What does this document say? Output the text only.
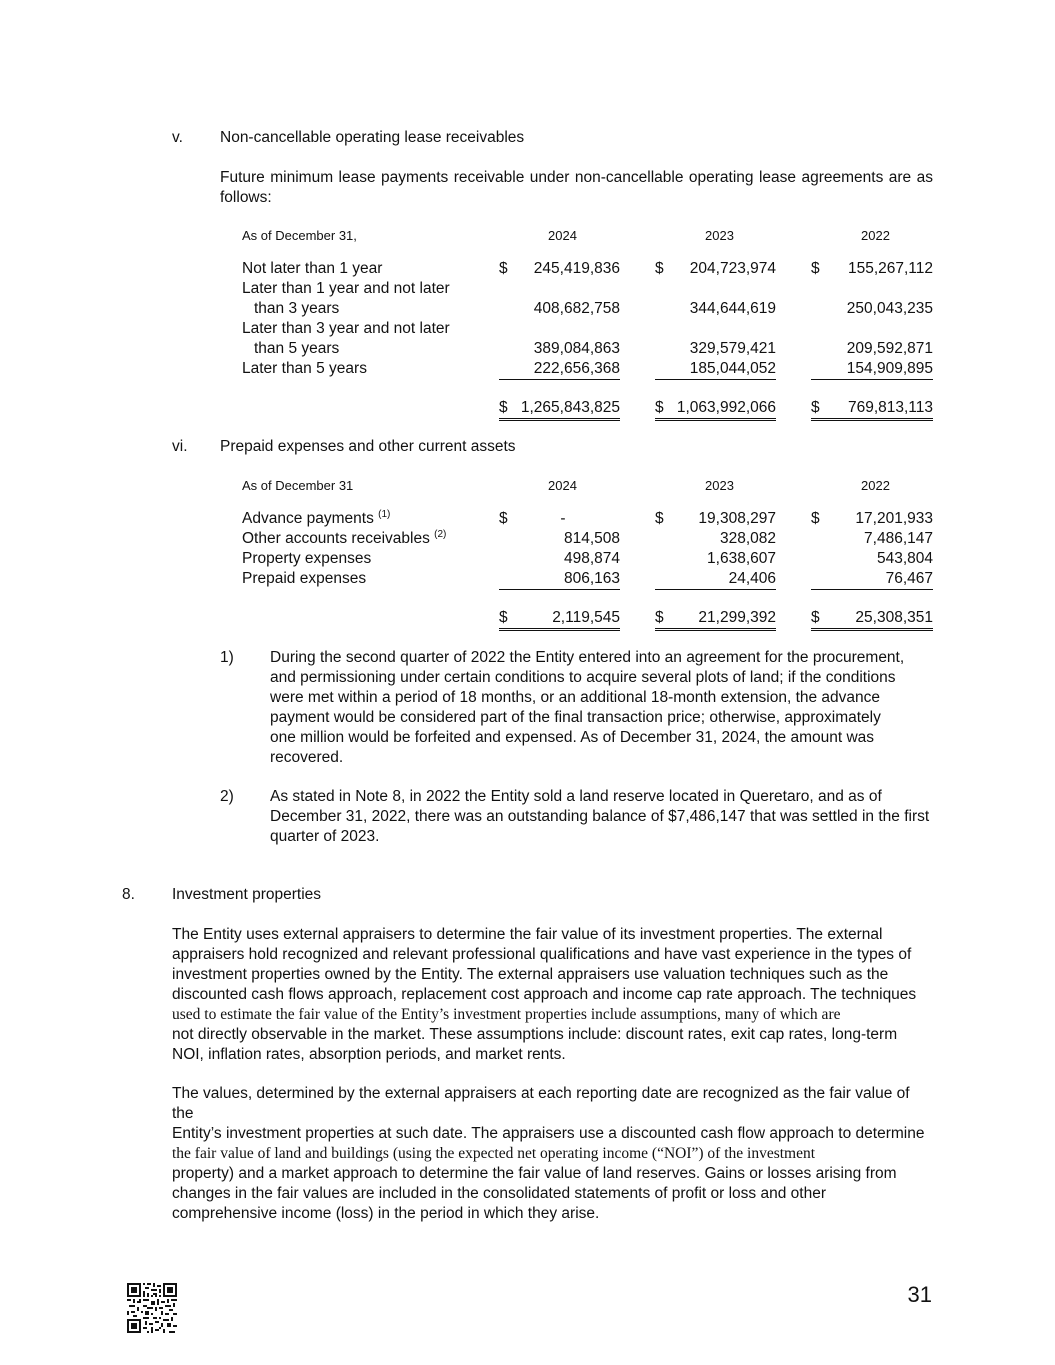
v. Non-cancellable operating lease receivables
Future minimum lease payments receivable under non-cancellable operating lease agreements are as follows:
As of December 31,	2024	2023	2022
Not later than 1 year	$	245,419,836 $	204,723,974 $	155,267,112
Later than 1 year and not later
than 3 years	408,682,758	344,644,619	250,043,235
Later than 3 year and not later
than 5 years	389,084,863	329,579,421	209,592,871
Later than 5 years	222,656,368	185,044,052	154,909,895
$ 1,265,843,825 $ 1,063,992,066 $	769,813,113
vi. Prepaid expenses and other current assets
As of December 31	2024	2023	2022
Advance payments $^{(1)}$	$	-	$	19,308,297 $	17,201,933
Other accounts receivables $^{(2)}$	814,508	328,082	7,486,147
Property expenses	498,874	1,638,607	543,804
Prepaid expenses	806,163	24,406	76,467
$	2,119,545 $	21,299,392 $	25,308,351
1) During the second quarter of 2022 the Entity entered into an agreement for the procurement,
and permissioning under certain conditions to acquire several plots of land; if the conditions
were met within a period of 18 months, or an additional 18-month extension, the advance
payment would be considered part of the final transaction price; otherwise, approximately
one million would be forfeited and expensed. As of December 31, 2024, the amount was
recovered.
2) As stated in Note 8, in 2022 the Entity sold a land reserve located in Queretaro, and as of
December 31, 2022, there was an outstanding balance of $7,486,147 that was settled in the first
quarter of 2023.
8. Investment properties
The Entity uses external appraisers to determine the fair value of its investment properties. The external
appraisers hold recognized and relevant professional qualifications and have vast experience in the types of
investment properties owned by the Entity. The external appraisers use valuation techniques such as the
discounted cash flows approach, replacement cost approach and income cap rate approach. The techniques
used to estimate the fair value of the Entity’s investment properties include assumptions, many of which are
not directly observable in the market. These assumptions include: discount rates, exit cap rates, long-term
NOI, inflation rates, absorption periods, and market rents.
The values, determined by the external appraisers at each reporting date are recognized as the fair value of the
Entity’s investment properties at such date. The appraisers use a discounted cash flow approach to determine
the fair value of land and buildings (using the expected net operating income (“NOI”) of the investment
property) and a market approach to determine the fair value of land reserves. Gains or losses arising from
changes in the fair values are included in the consolidated statements of profit or loss and other
comprehensive income (loss) in the period in which they arise.
31
